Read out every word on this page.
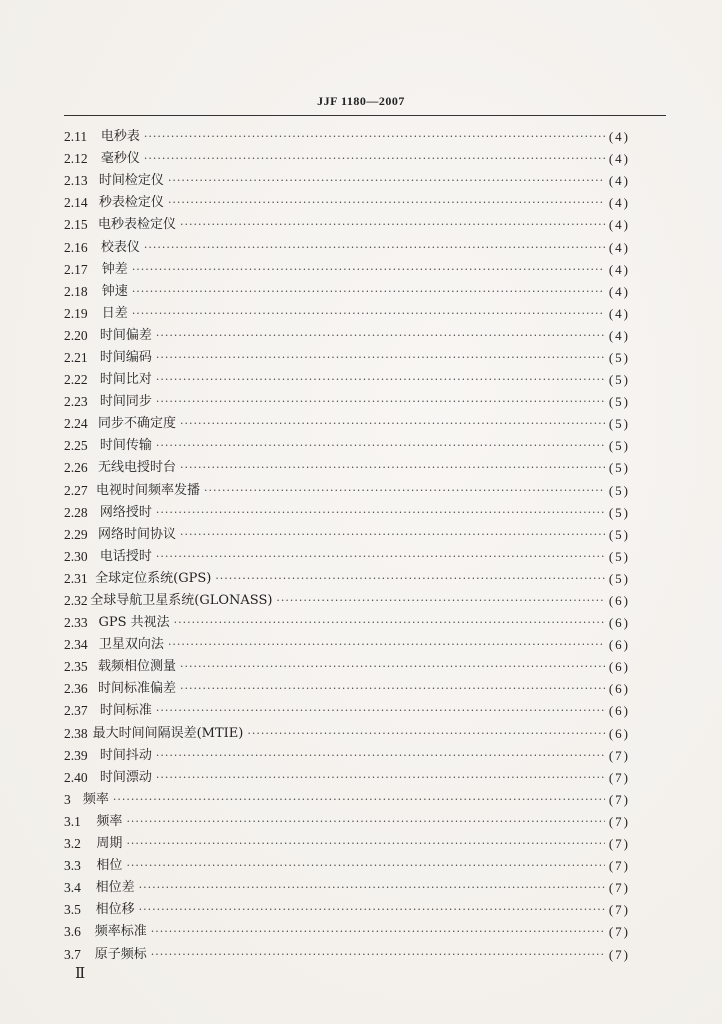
JJF 1180—2007
2.11	电秒表 ·····	(4)
2.12	毫秒仪 ·····	(4)
2.13 时间检定仪 ·····	(4)
2.14 秒表检定仪 ·····	(4)
2.15 电秒表检定仪 ·····	(4)
2.16	校表仪 ·····	(4)
2.17	钟差 ·····	(4)
2.18	钟速 ·····	(4)
2.19	日差 ·····	(4)
2.20 时间偏差 ·····	(4)
2.21 时间编码 ·····	(5)
2.22 时间比对 ·····	(5)
2.23 时间同步 ·····	(5)
2.24 同步不确定度 ·····	(5)
2.25 时间传输 ·····	(5)
2.26 无线电授时台 ·····	(5)
2.27 电视时间频率发播 ·····	(5)
2.28 网络授时 ·····	(5)
2.29 网络时间协议 ·····	(5)
2.30 电话授时 ·····	(5)
2.31 全球定位系统(GPS) ·····	(5)
2.32 全球导航卫星系统(GLONASS) ·····	(6)
2.33 GPS 共视法 ·····	(6)
2.34 卫星双向法 ·····	(6)
2.35 载频相位测量 ·····	(6)
2.36 时间标准偏差 ·····	(6)
2.37 时间标准 ·····	(6)
2.38 最大时间间隔误差(MTIE) ·····	(6)
2.39 时间抖动 ·····	(7)
2.40 时间漂动 ·····	(7)
3 频率 ·····	(7)
3.1	频率 ·····	(7)
3.2	周期 ·····	(7)
3.3	相位 ·····	(7)
3.4	相位差 ·····	(7)
3.5	相位移 ·····	(7)
3.6	频率标准 ·····	(7)
3.7	原子频标 ·····	(7)
Ⅱ
